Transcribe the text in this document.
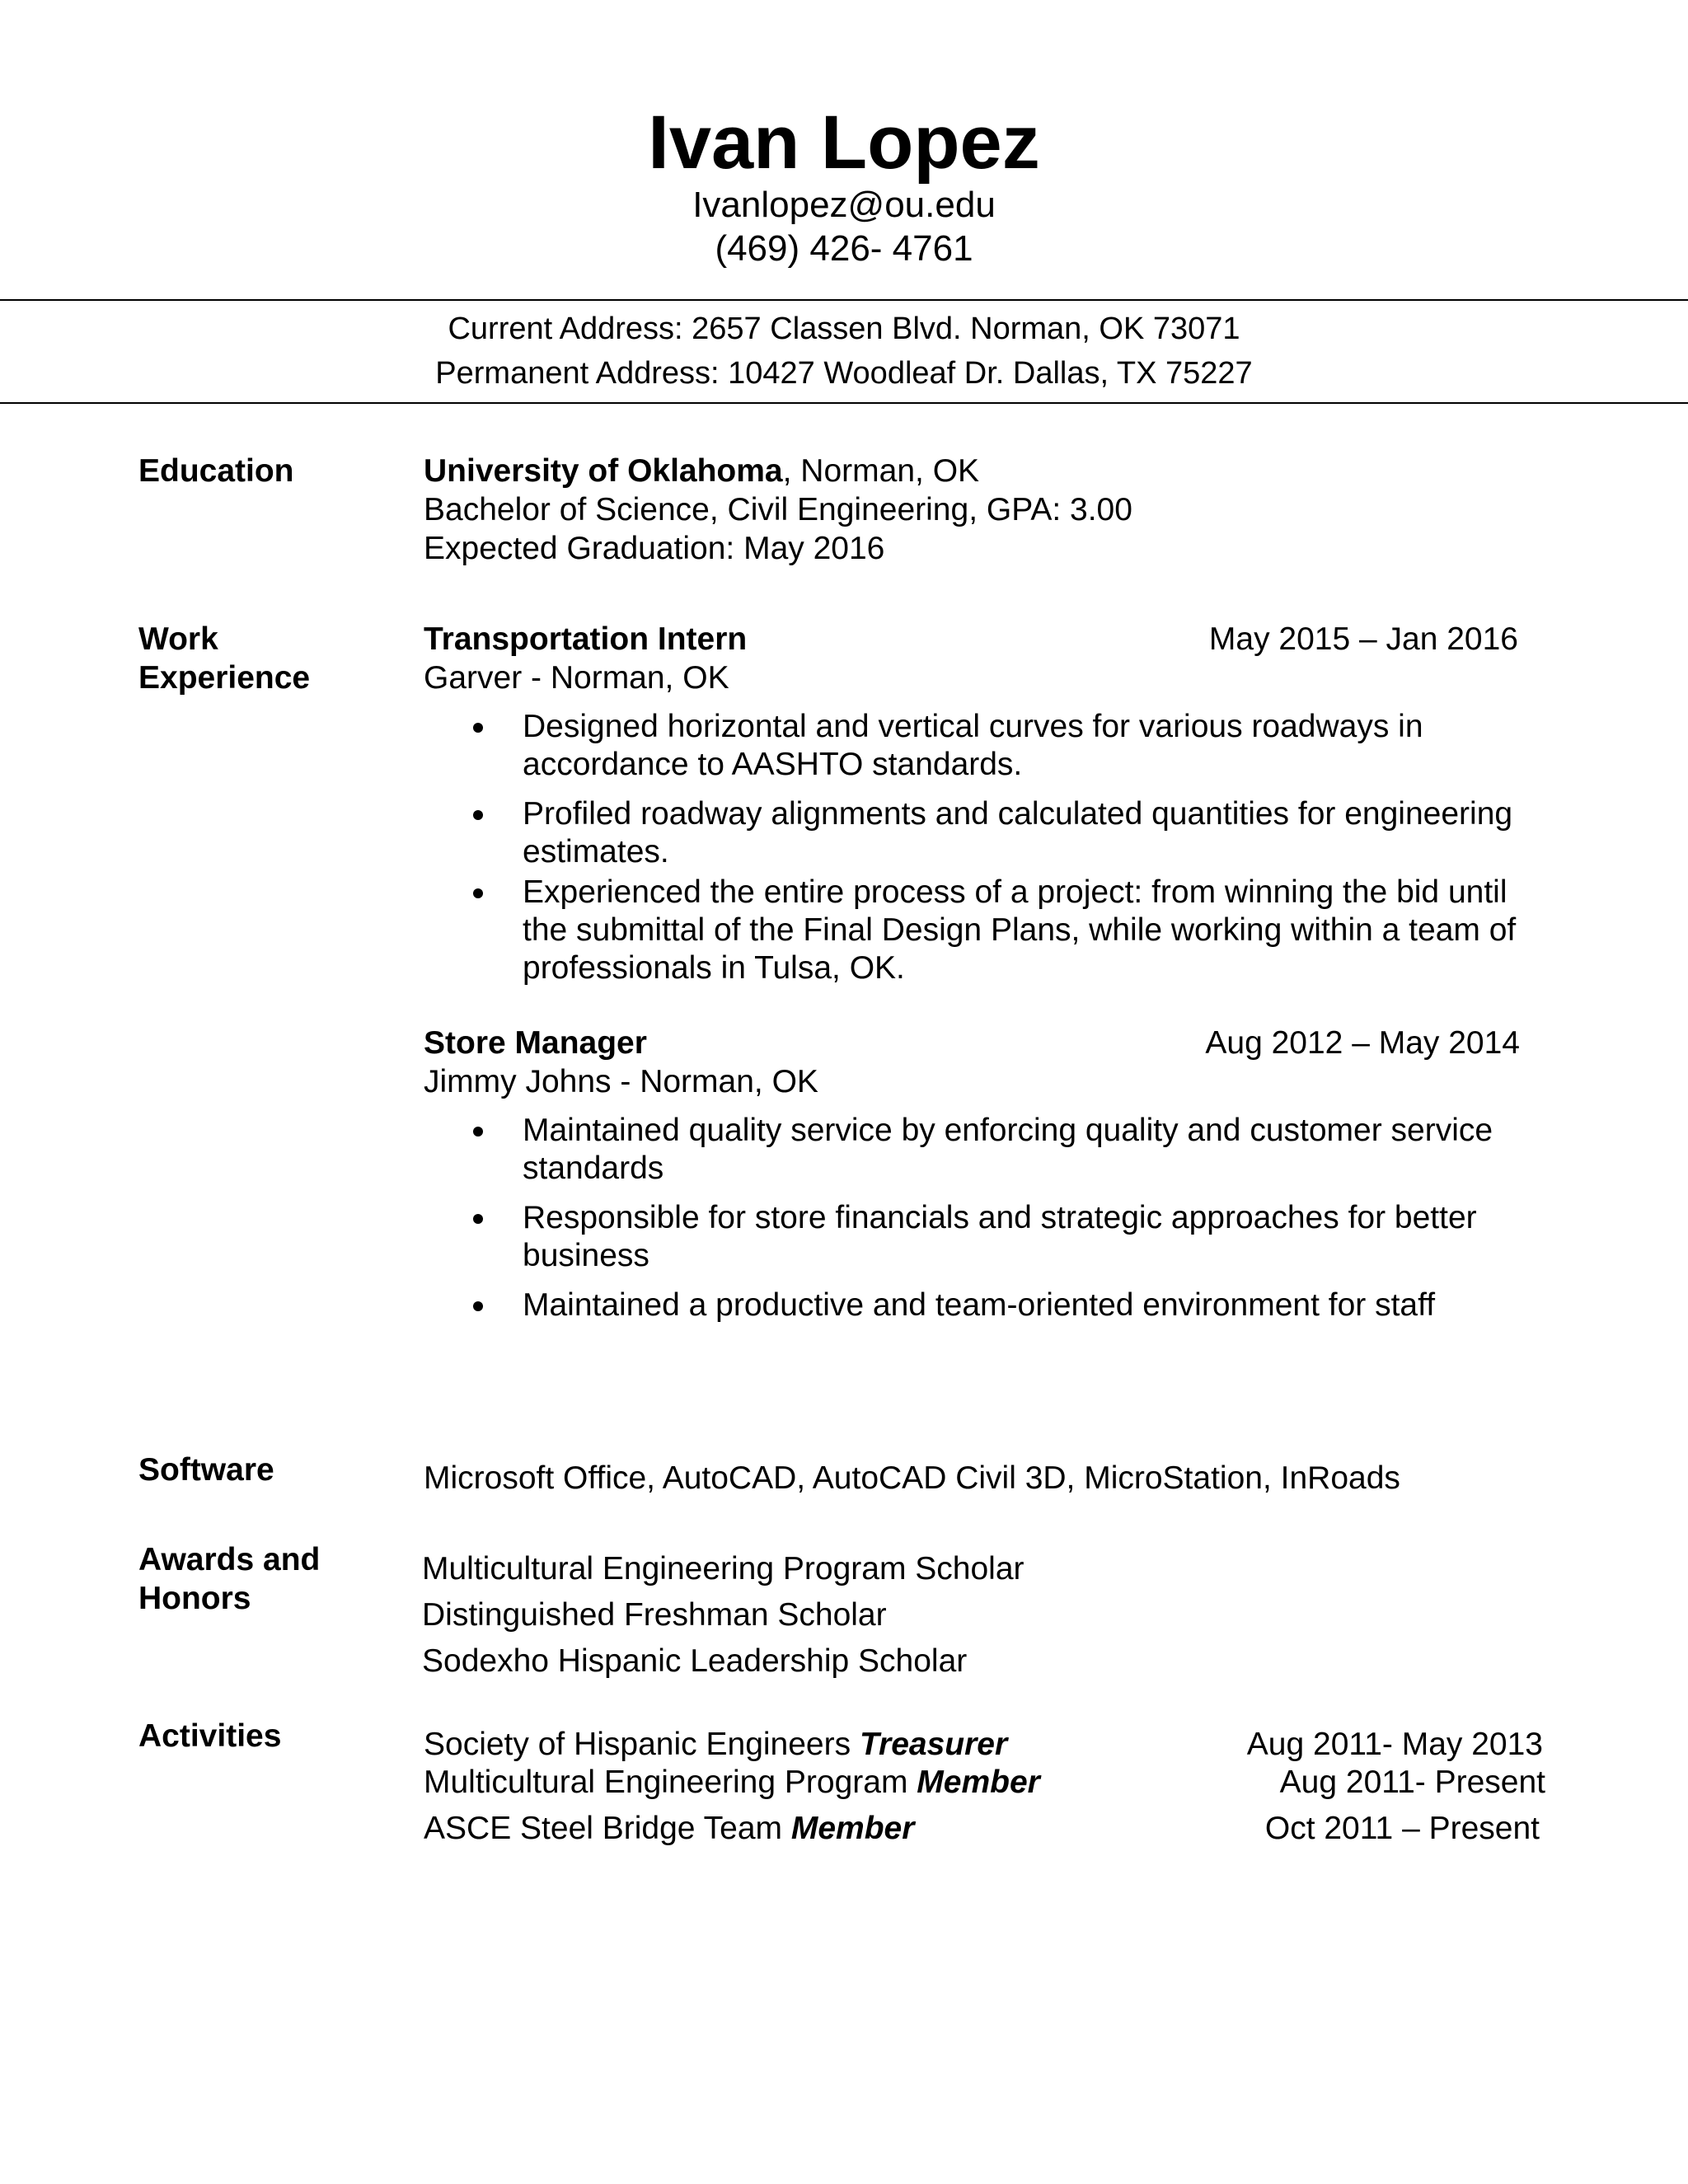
Ivan Lopez
Ivanlopez@ou.edu
(469) 426- 4761
Current Address: 2657 Classen Blvd. Norman, OK 73071
Permanent Address: 10427 Woodleaf Dr. Dallas, TX 75227
Education	University of Oklahoma, Norman, OK
Bachelor of Science, Civil Engineering, GPA: 3.00
Expected Graduation: May 2016
Work
Experience
Transportation Intern	May 2015 – Jan 2016
Garver - Norman, OK
Designed horizontal and vertical curves for various roadways in accordance to AASHTO standards.
Profiled roadway alignments and calculated quantities for engineering estimates.
Experienced the entire process of a project: from winning the bid until the submittal of the Final Design Plans, while working within a team of professionals in Tulsa, OK.
Store Manager	Aug 2012 – May 2014
Jimmy Johns - Norman, OK
Maintained quality service by enforcing quality and customer service standards
Responsible for store financials and strategic approaches for better business
Maintained a productive and team-oriented environment for staff
Software	Microsoft Office, AutoCAD, AutoCAD Civil 3D, MicroStation, InRoads
Awards and
Honors
Multicultural Engineering Program Scholar
Distinguished Freshman Scholar
Sodexho Hispanic Leadership Scholar
Activities	Society of Hispanic Engineers Treasurer	Aug 2011- May 2013
Multicultural Engineering Program Member	Aug 2011- Present
ASCE Steel Bridge Team Member	Oct 2011 – Present
